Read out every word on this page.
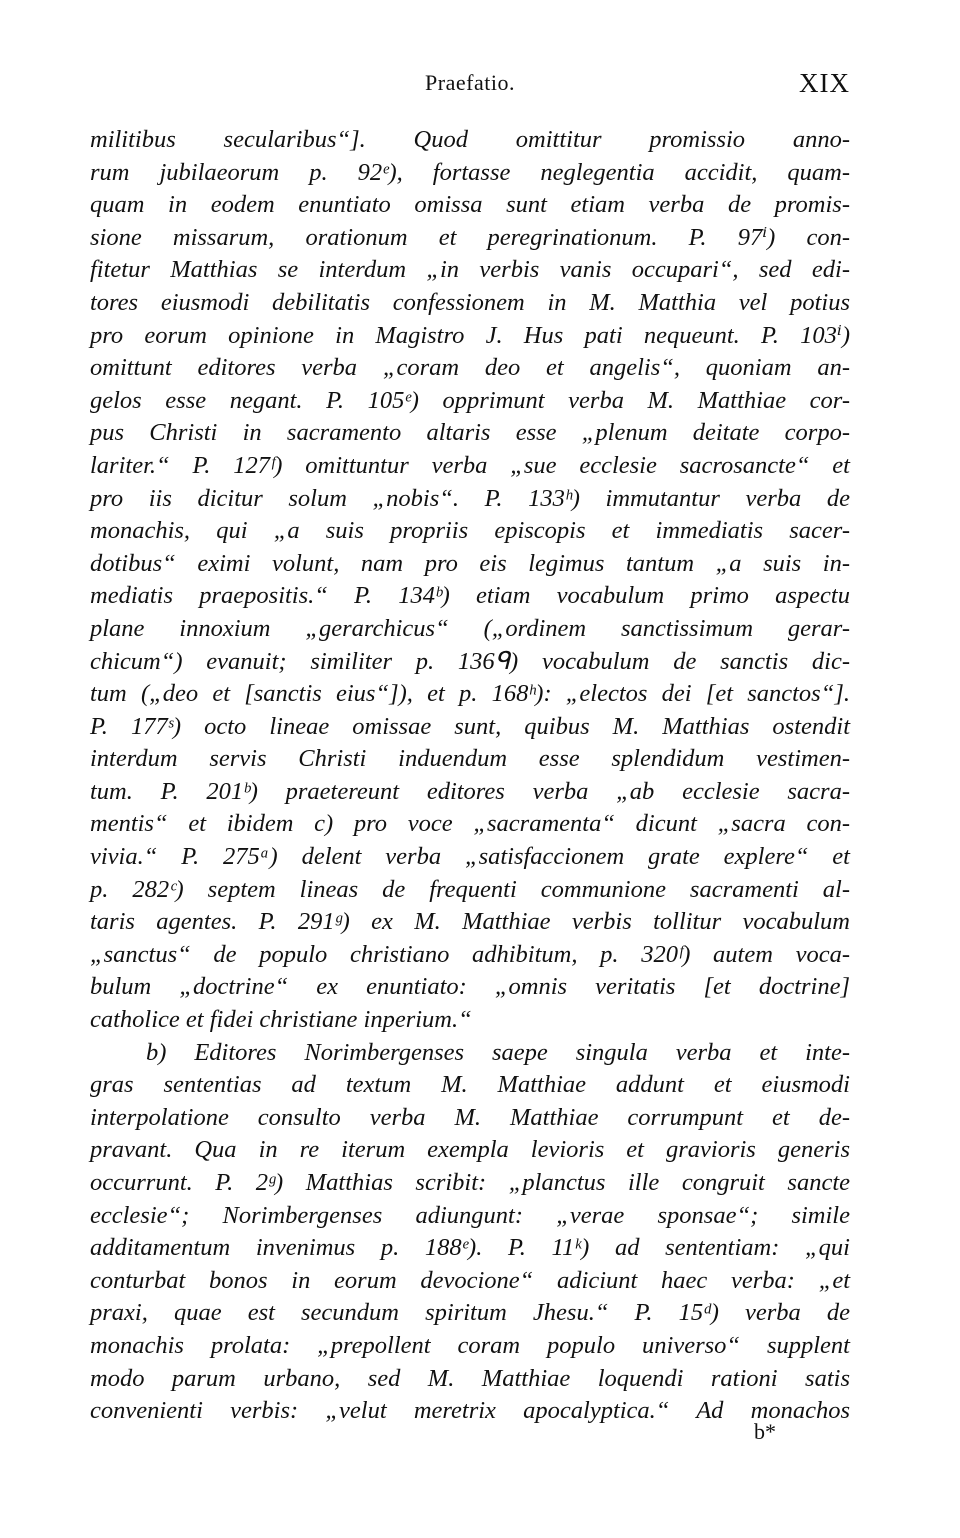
Praefatio.	XIX
militibus secularibus“]. Quod omittitur promissio anno-
rum jubilaeorum p. 92ᵉ), fortasse neglegentia accidit, quam-
quam in eodem enuntiato omissa sunt etiam verba de promis-
sione missarum, orationum et peregrinationum. P. 97ⁱ) con-
fitetur Matthias se interdum „in verbis vanis occupari“, sed edi-
tores eiusmodi debilitatis confessionem in M. Matthia vel potius
pro eorum opinione in Magistro J. Hus pati nequeunt. P. 103ⁱ)
omittunt editores verba „coram deo et angelis“, quoniam an-
gelos esse negant. P. 105ᵉ) opprimunt verba M. Matthiae cor-
pus Christi in sacramento altaris esse „plenum deitate corpo-
lariter.“ P. 127ᶠ) omittuntur verba „sue ecclesie sacrosancte“ et
pro iis dicitur solum „nobis“. P. 133ʰ) immutantur verba de
monachis, qui „a suis propriis episcopis et immediatis sacer-
dotibus“ eximi volunt, nam pro eis legimus tantum „a suis in-
mediatis praepositis.“ P. 134ᵇ) etiam vocabulum primo aspectu
plane innoxium „gerarchicus“ („ordinem sanctissimum gerar-
chicum“) evanuit; similiter p. 136ᑫ) vocabulum de sanctis dic-
tum („deo et [sanctis eius“]), et p. 168ʰ): „electos dei [et sanctos“].
P. 177ˢ) octo lineae omissae sunt, quibus M. Matthias ostendit
interdum servis Christi induendum esse splendidum vestimen-
tum. P. 201ᵇ) praetereunt editores verba „ab ecclesie sacra-
mentis“ et ibidem c) pro voce „sacramenta“ dicunt „sacra con-
vivia.“ P. 275ᵃ) delent verba „satisfaccionem grate explere“ et
p. 282ᶜ) septem lineas de frequenti communione sacramenti al-
taris agentes. P. 291ᵍ) ex M. Matthiae verbis tollitur vocabulum
„sanctus“ de populo christiano adhibitum, p. 320ᶠ) autem voca-
bulum „doctrine“ ex enuntiato: „omnis veritatis [et doctrine]
catholice et fidei christiane inperium.“
b) Editores Norimbergenses saepe singula verba et inte-
gras sententias ad textum M. Matthiae addunt et eiusmodi
interpolatione consulto verba M. Matthiae corrumpunt et de-
pravant. Qua in re iterum exempla levioris et gravioris generis
occurrunt. P. 2ᵍ) Matthias scribit: „planctus ille congruit sancte
ecclesie“; Norimbergenses adiungunt: „verae sponsae“; simile
additamentum invenimus p. 188ᵉ). P. 11ᵏ) ad sententiam: „qui
conturbat bonos in eorum devocione“ adiciunt haec verba: „et
praxi, quae est secundum spiritum Jhesu.“ P. 15ᵈ) verba de
monachis prolata: „prepollent coram populo universo“ supplent
modo parum urbano, sed M. Matthiae loquendi rationi satis
convenienti verbis: „velut meretrix apocalyptica.“ Ad monachos
b*
